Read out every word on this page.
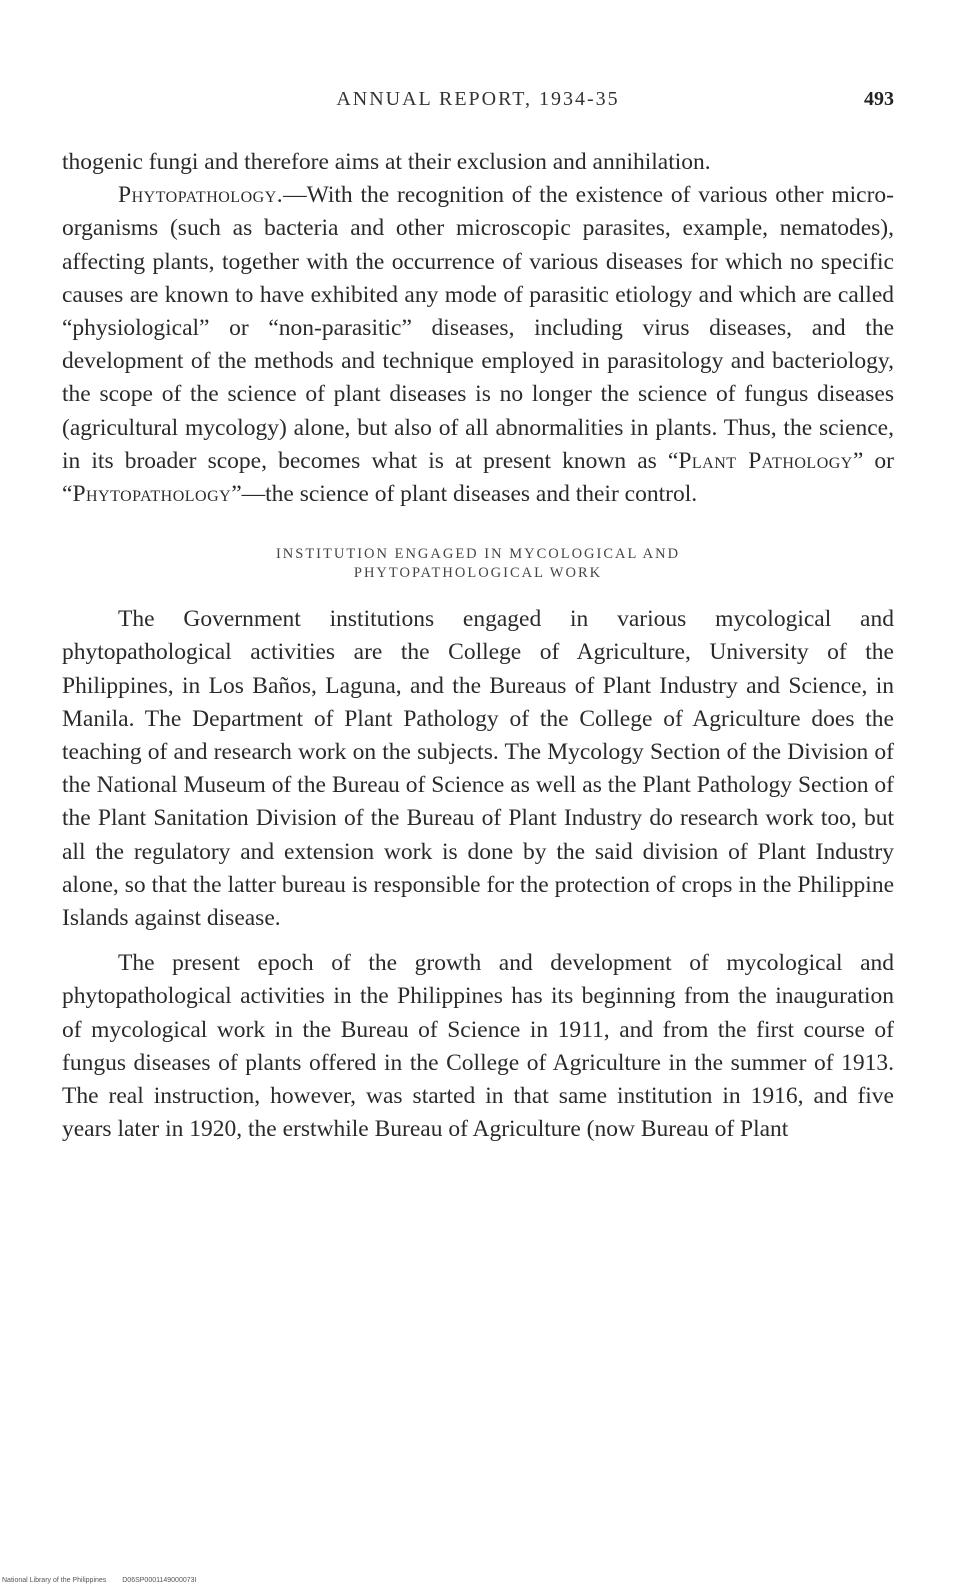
ANNUAL REPORT, 1934-35	493

thogenic fungi and therefore aims at their exclusion and annihilation.

Phytopathology.—With the recognition of the existence of various other micro-organisms (such as bacteria and other microscopic parasites, example, nematodes), affecting plants, together with the occurrence of various diseases for which no specific causes are known to have exhibited any mode of parasitic etiology and which are called “physiological” or “non-parasitic” diseases, including virus diseases, and the development of the methods and technique employed in parasitology and bacteriology, the scope of the science of plant diseases is no longer the science of fungus diseases (agricultural mycology) alone, but also of all abnormalities in plants. Thus, the science, in its broader scope, becomes what is at present known as “Plant Pathology” or “Phytopathology”—the science of plant diseases and their control.

INSTITUTION ENGAGED IN MYCOLOGICAL AND
PHYTOPATHOLOGICAL WORK

The Government institutions engaged in various mycological and phytopathological activities are the College of Agriculture, University of the Philippines, in Los Baños, Laguna, and the Bureaus of Plant Industry and Science, in Manila. The Department of Plant Pathology of the College of Agriculture does the teaching of and research work on the subjects. The Mycology Section of the Division of the National Museum of the Bureau of Science as well as the Plant Pathology Section of the Plant Sanitation Division of the Bureau of Plant Industry do research work too, but all the regulatory and extension work is done by the said division of Plant Industry alone, so that the latter bureau is responsible for the protection of crops in the Philippine Islands against disease.

The present epoch of the growth and development of mycological and phytopathological activities in the Philippines has its beginning from the inauguration of mycological work in the Bureau of Science in 1911, and from the first course of fungus diseases of plants offered in the College of Agriculture in the summer of 1913. The real instruction, however, was started in that same institution in 1916, and five years later in 1920, the erstwhile Bureau of Agriculture (now Bureau of Plant

National Library of the Philippines D06SP0001149000073I
